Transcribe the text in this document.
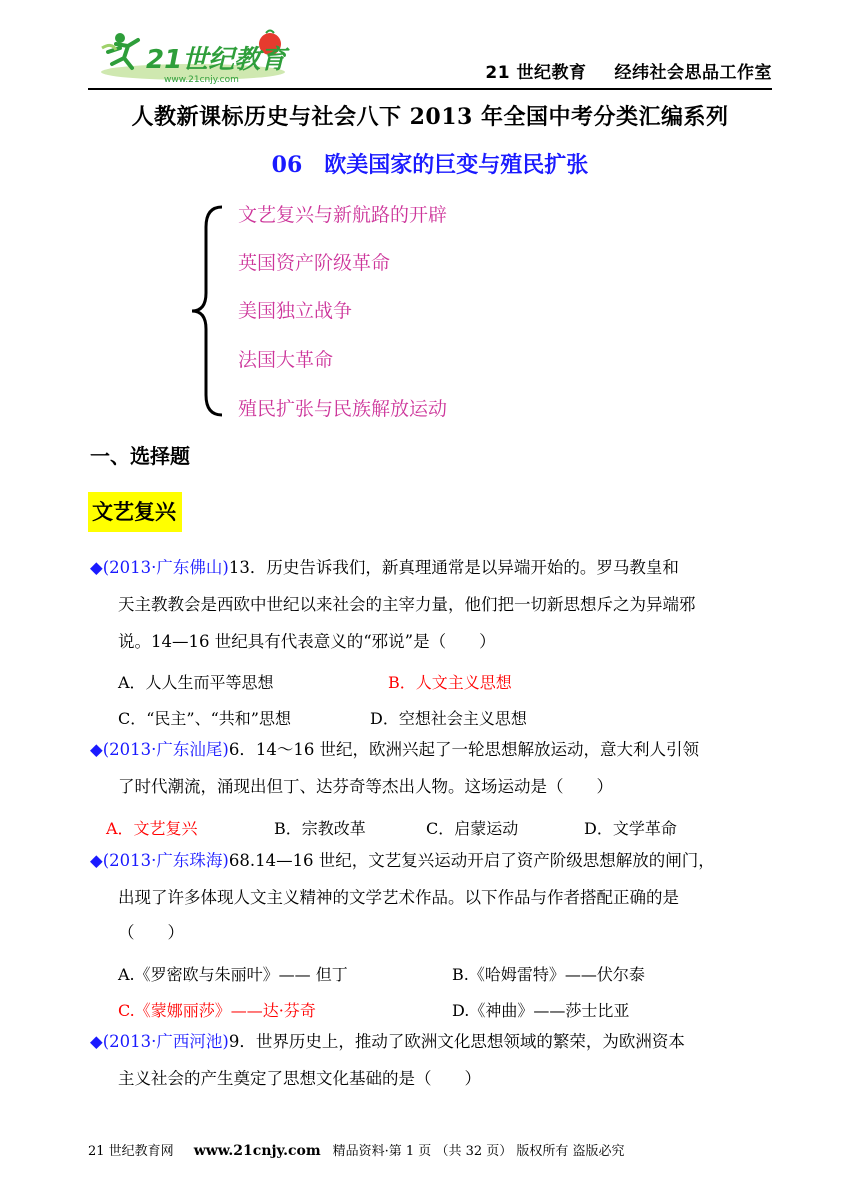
21世纪教育
www.21cnjy.com	21 世纪教育 经纬社会思品工作室
人教新课标历史与社会八下 2013 年全国中考分类汇编系列
06 欧美国家的巨变与殖民扩张
文艺复兴与新航路的开辟
英国资产阶级革命
美国独立战争
法国大革命
殖民扩张与民族解放运动
一、选择题
文艺复兴
◆(2013·广东佛山)13．历史告诉我们，新真理通常是以异端开始的。罗马教皇和
天主教教会是西欧中世纪以来社会的主宰力量，他们把一切新思想斥之为异端邪
说。14—16 世纪具有代表意义的“邪说”是（　　）
A．人人生而平等思想	B．人文主义思想
C．“民主”、“共和”思想	D．空想社会主义思想
◆(2013·广东汕尾)6．14～16 世纪，欧洲兴起了一轮思想解放运动，意大利人引领
了时代潮流，涌现出但丁、达芬奇等杰出人物。这场运动是（　　）
A．文艺复兴	B．宗教改革	C．启蒙运动	D．文学革命
◆(2013·广东珠海)68.14—16 世纪，文艺复兴运动开启了资产阶级思想解放的闸门，
出现了许多体现人文主义精神的文学艺术作品。以下作品与作者搭配正确的是
（　　）
A.《罗密欧与朱丽叶》—— 但丁	B.《哈姆雷特》——伏尔泰
C.《蒙娜丽莎》——达·芬奇	D.《神曲》——莎士比亚
◆(2013·广西河池)9．世界历史上，推动了欧洲文化思想领域的繁荣，为欧洲资本
主义社会的产生奠定了思想文化基础的是（　　）
21 世纪教育网 www.21cnjy.com 精品资料·第 1 页 （共 32 页） 版权所有 盗版必究
